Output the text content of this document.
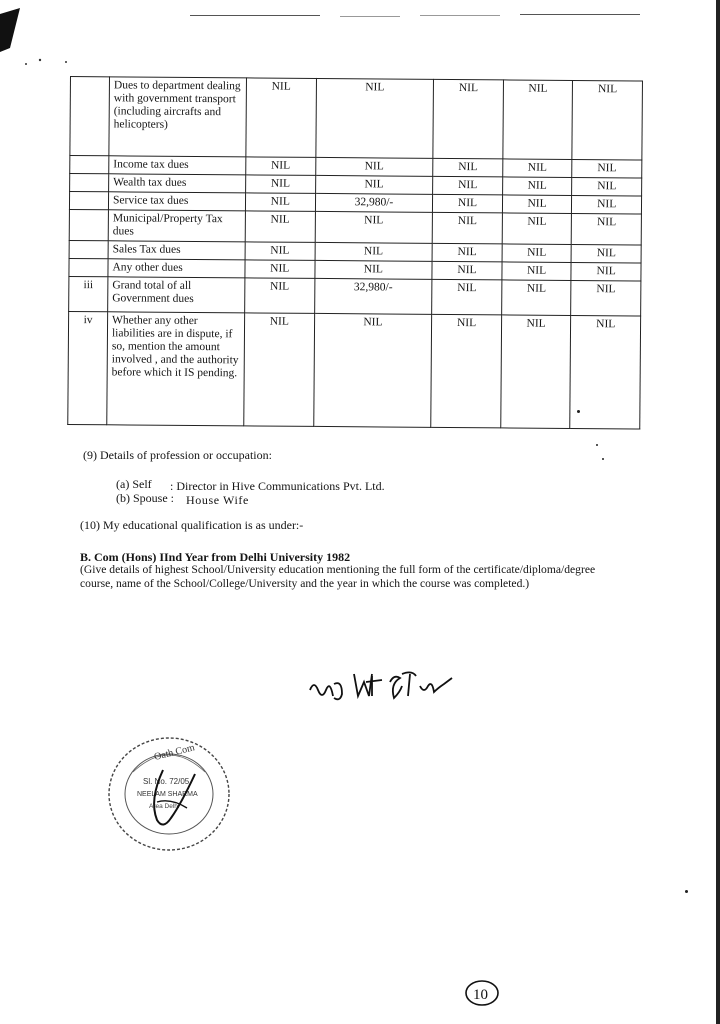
	Dues to department dealing with government transport (including aircrafts and helicopters)	NIL	NIL	NIL	NIL	NIL
	Income tax dues	NIL	NIL	NIL	NIL	NIL
	Wealth tax dues	NIL	NIL	NIL	NIL	NIL
	Service tax dues	NIL	32,980/-	NIL	NIL	NIL
	Municipal/Property Tax dues	NIL	NIL	NIL	NIL	NIL
	Sales Tax dues	NIL	NIL	NIL	NIL	NIL
	Any other dues	NIL	NIL	NIL	NIL	NIL
iii	Grand total of all Government dues	NIL	32,980/-	NIL	NIL	NIL
iv	Whether any other liabilities are in dispute, if so, mention the amount involved , and the authority before which it IS pending.	NIL	NIL	NIL	NIL	NIL
(9) Details of profession or occupation:
(a) Self : Director in Hive Communications Pvt. Ltd.
(b) Spouse : House Wife
(10) My educational qualification is as under:-
B. Com (Hons) IInd Year from Delhi University 1982
(Give details of highest School/University education mentioning the full form of the certificate/diploma/degree
course, name of the School/College/University and the year in which the course was completed.)
Oath Com
Sl. No. 72/05
NEELAM SHARMA
Area Delhi
10
